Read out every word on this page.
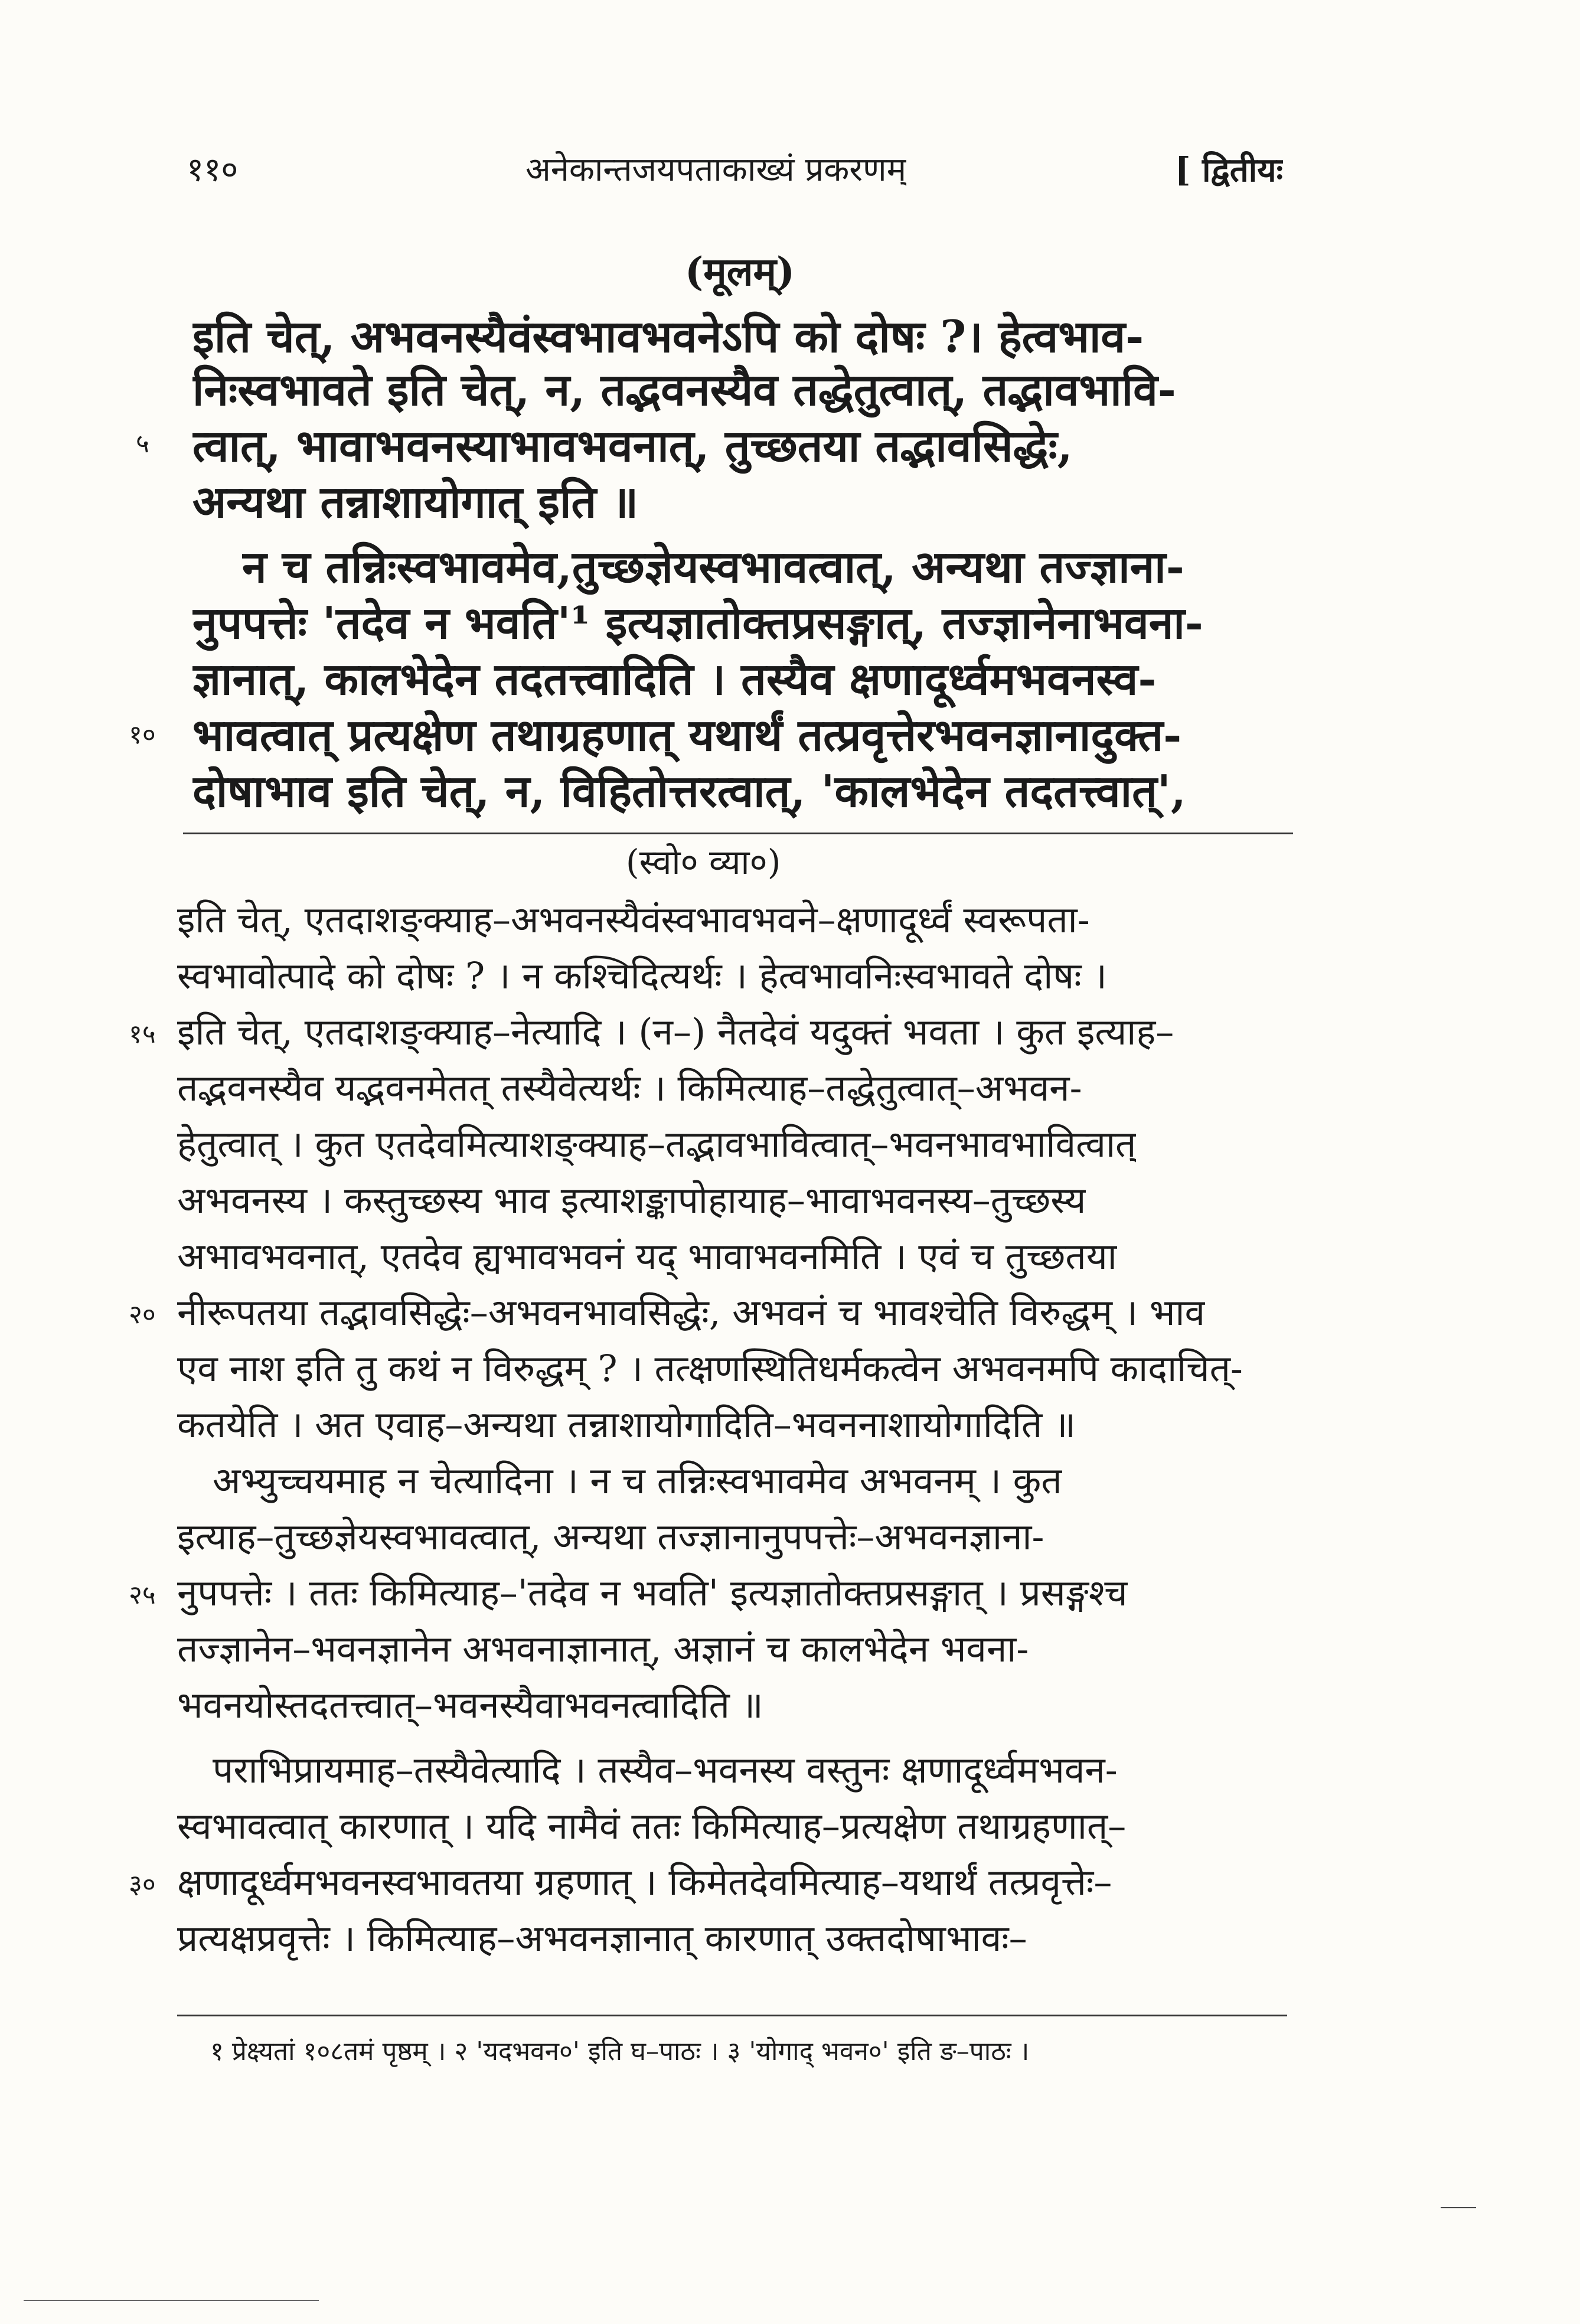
११०	अनेकान्तजयपताकाख्यं प्रकरणम्	[ द्वितीयः
(मूलम्)
इति चेत्, अभवनस्यैवंस्वभावभवनेऽपि को दोषः ?। हेत्वभाव-
निःस्वभावते इति चेत्, न, तद्भवनस्यैव तद्धेतुत्वात्, तद्भावभावि-
त्वात्, भावाभवनस्याभावभवनात्, तुच्छतया तद्भावसिद्धेः,
अन्यथा तन्नाशायोगात् इति ॥
न च तन्निःस्वभावमेव,तुच्छज्ञेयस्वभावत्वात्, अन्यथा तज्ज्ञाना-
नुपपत्तेः 'तदेव न भवति'¹ इत्यज्ञातोक्तप्रसङ्गात्, तज्ज्ञानेनाभवना-
ज्ञानात्, कालभेदेन तदतत्त्वादिति । तस्यैव क्षणादूर्ध्वमभवनस्व-
भावत्वात् प्रत्यक्षेण तथाग्रहणात् यथार्थं तत्प्रवृत्तेरभवनज्ञानादुक्त-
दोषाभाव इति चेत्, न, विहितोत्तरत्वात्, 'कालभेदेन तदतत्त्वात्',
५
१०
(स्वो० व्या०)
इति चेत्, एतदाशङ्क्याह–अभवनस्यैवंस्वभावभवने–क्षणादूर्ध्वं स्वरूपता-
स्वभावोत्पादे को दोषः ? । न कश्चिदित्यर्थः । हेत्वभावनिःस्वभावते दोषः ।
इति चेत्, एतदाशङ्क्याह–नेत्यादि । (न–) नैतदेवं यदुक्तं भवता । कुत इत्याह–
तद्भवनस्यैव यद्भवनमेतत् तस्यैवेत्यर्थः । किमित्याह–तद्धेतुत्वात्–अभवन-
हेतुत्वात् । कुत एतदेवमित्याशङ्क्याह–तद्भावभावित्वात्–भवनभावभावित्वात्
अभवनस्य । कस्तुच्छस्य भाव इत्याशङ्कापोहायाह–भावाभवनस्य–तुच्छस्य
अभावभवनात्, एतदेव ह्यभावभवनं यद् भावाभवनमिति । एवं च तुच्छतया
नीरूपतया तद्भावसिद्धेः–अभवनभावसिद्धेः, अभवनं च भावश्चेति विरुद्धम् । भाव
एव नाश इति तु कथं न विरुद्धम् ? । तत्क्षणस्थितिधर्मकत्वेन अभवनमपि कादाचित्-
कतयेति । अत एवाह–अन्यथा तन्नाशायोगादिति–भवननाशायोगादिति ॥
अभ्युच्चयमाह न चेत्यादिना । न च तन्निःस्वभावमेव अभवनम् । कुत
इत्याह–तुच्छज्ञेयस्वभावत्वात्, अन्यथा तज्ज्ञानानुपपत्तेः–अभवनज्ञाना-
नुपपत्तेः । ततः किमित्याह–'तदेव न भवति' इत्यज्ञातोक्तप्रसङ्गात् । प्रसङ्गश्च
तज्ज्ञानेन–भवनज्ञानेन अभवनाज्ञानात्, अज्ञानं च कालभेदेन भवना-
भवनयोस्तदतत्त्वात्–भवनस्यैवाभवनत्वादिति ॥
पराभिप्रायमाह–तस्यैवेत्यादि । तस्यैव–भवनस्य वस्तुनः क्षणादूर्ध्वमभवन-
स्वभावत्वात् कारणात् । यदि नामैवं ततः किमित्याह–प्रत्यक्षेण तथाग्रहणात्–
क्षणादूर्ध्वमभवनस्वभावतया ग्रहणात् । किमेतदेवमित्याह–यथार्थं तत्प्रवृत्तेः–
प्रत्यक्षप्रवृत्तेः । किमित्याह–अभवनज्ञानात् कारणात् उक्तदोषाभावः–
१५
२०
२५
३०
१ प्रेक्ष्यतां १०८तमं पृष्ठम् । २ 'यदभवन०' इति घ–पाठः । ३ 'योगाद् भवन०' इति ङ–पाठः ।
